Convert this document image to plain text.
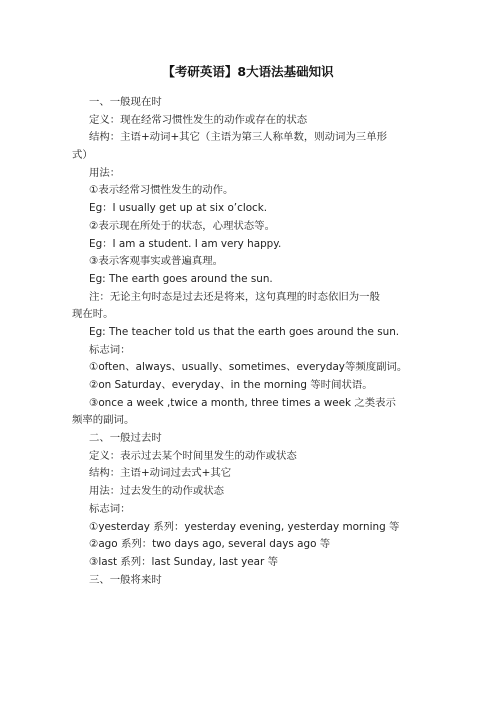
【考研英语】8大语法基础知识
一、一般现在时
定义：现在经常习惯性发生的动作或存在的状态
结构：主语+动词+其它（主语为第三人称单数，则动词为三单形
式）
用法：
①表示经常习惯性发生的动作。
Eg：I usually get up at six o’clock.
②表示现在所处于的状态，心理状态等。
Eg：I am a student. I am very happy.
③表示客观事实或普遍真理。
Eg: The earth goes around the sun.
注：无论主句时态是过去还是将来，这句真理的时态依旧为一般
现在时。
Eg: The teacher told us that the earth goes around the sun.
标志词：
①often、always、usually、sometimes、everyday等频度副词。
②on Saturday、everyday、in the morning 等时间状语。
③once a week ,twice a month, three times a week 之类表示
频率的副词。
二、一般过去时
定义：表示过去某个时间里发生的动作或状态
结构：主语+动词过去式+其它
用法：过去发生的动作或状态
标志词：
①yesterday 系列：yesterday evening, yesterday morning 等
②ago 系列：two days ago, several days ago 等
③last 系列：last Sunday, last year 等
三、一般将来时
